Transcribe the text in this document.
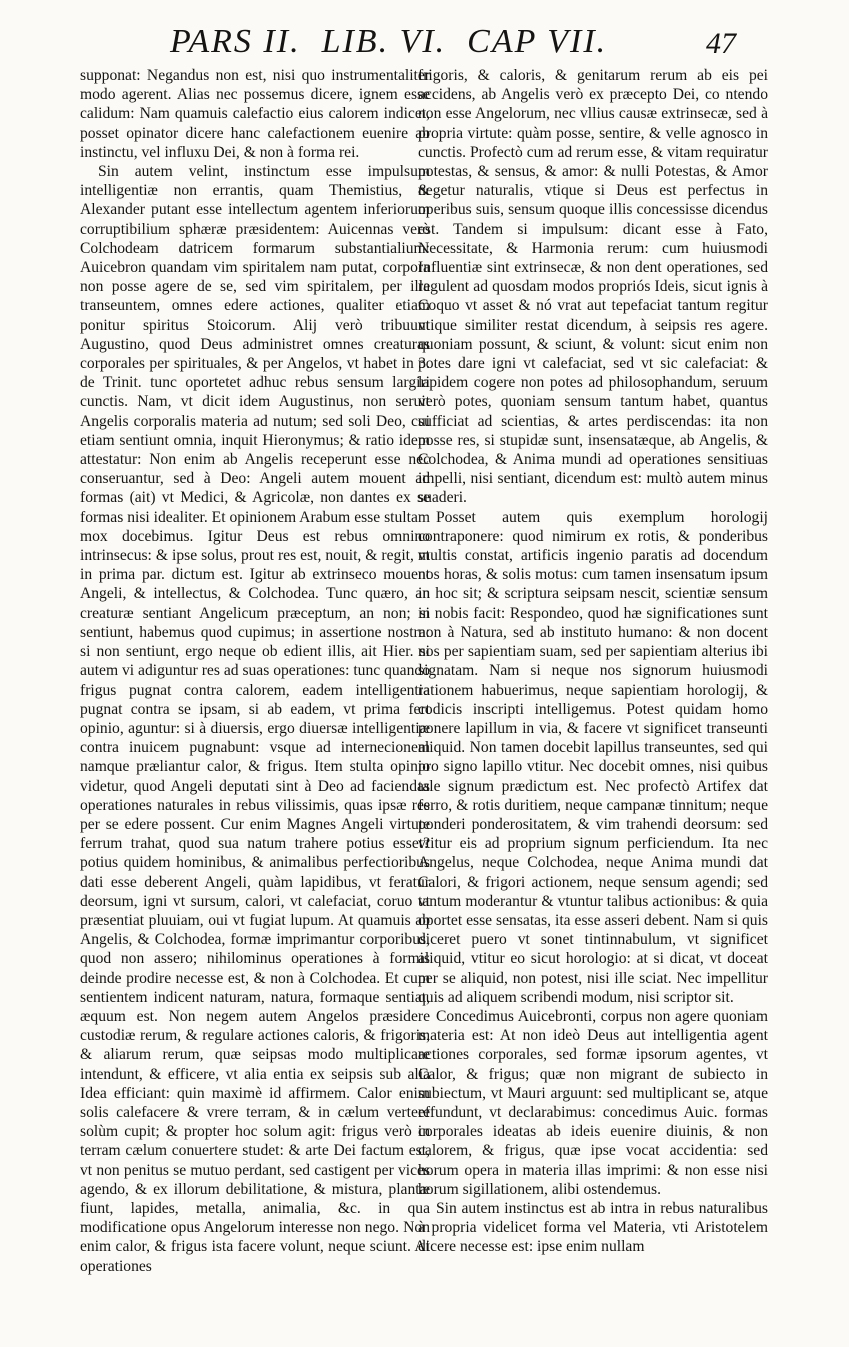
PARS II.  LIB. VI.  CAP VII.	47

supponat: Negandus non est, nisi quo instrumentaliter modo agerent. Alias nec possemus dicere, ignem esse calidum: Nam quamuis calefactio eius calorem indicet, posset opinator dicere hanc calefactionem euenire ab instinctu, vel influxu Dei, & non à forma rei.

Sin autem velint, instinctum esse impulsum intelligentiæ non errantis, quam Themistius, & Alexander putant esse intellectum agentem inferiorum corruptibilium sphæræ præsidentem: Auicennas verò Colchodeam datricem formarum substantialium: Auicebron quandam vim spiritalem nam putat, corpora non posse agere de se, sed vim spiritalem, per illa transeuntem, omnes edere actiones, qualiter etiam ponitur spiritus Stoicorum. Alij verò tribuunt Augustino, quod Deus administret omnes creaturas corporales per spirituales, & per Angelos, vt habet in 3. de Trinit. tunc oportetet adhuc rebus sensum largiri cunctis. Nam, vt dicit idem Augustinus, non seruit Angelis corporalis materia ad nutum; sed soli Deo, cui etiam sentiunt omnia, inquit Hieronymus; & ratio idem attestatur: Non enim ab Angelis receperunt esse nec conseruantur, sed à Deo: Angeli autem mouent ad formas (ait) vt Medici, & Agricolæ, non dantes ex se formas nisi idealiter. Et opinionem Arabum esse stultam mox docebimus. Igitur Deus est rebus omnino intrinsecus: & ipse solus, prout res est, nouit, & regit, vt in prima par. dictum est. Igitur ab extrinseco mouent Angeli, & intellectus, & Colchodea. Tunc quæro, an creaturæ sentiant Angelicum præceptum, an non; si sentiunt, habemus quod cupimus; in assertione nostra: si non sentiunt, ergo neque ob edient illis, ait Hier. si autem vi adiguntur res ad suas operationes: tunc quando frigus pugnat contra calorem, eadem intelligentia pugnat contra se ipsam, si ab eadem, vt prima fert opinio, aguntur: si à diuersis, ergo diuersæ intelligentiæ contra inuicem pugnabunt: vsque ad internecionem namque præliantur calor, & frigus. Item stulta opinio videtur, quod Angeli deputati sint à Deo ad faciendas operationes naturales in rebus vilissimis, quas ipsæ res per se edere possent. Cur enim Magnes Angeli virtute ferrum trahat, quod sua natum trahere potius esset? potius quidem hominibus, & animalibus perfectioribus dati esse deberent Angeli, quàm lapidibus, vt feratur deorsum, igni vt sursum, calori, vt calefaciat, coruo vt præsentiat pluuiam, oui vt fugiat lupum. At quamuis ab Angelis, & Colchodea, formæ imprimantur corporibus, quod non assero; nihilominus operationes à formis deinde prodire necesse est, & non à Colchodea. Et cum sentientem indicent naturam, natura, formaque sentiat, æquum est. Non negem autem Angelos præsidere custodiæ rerum, & regulare actiones caloris, & frigoris, & aliarum rerum, quæ seipsas modo multiplicare intendunt, & efficere, vt alia entia ex seipsis sub alia Idea efficiant: quin maximè id affirmem. Calor enim solis calefacere & vrere terram, & in cælum vertere solùm cupit; & propter hoc solum agit: frigus verò in terram cælum conuertere studet: & arte Dei factum est, vt non penitus se mutuo perdant, sed castigent per vices agendo, & ex illorum debilitatione, & mistura, plantæ fiunt, lapides, metalla, animalia, &c. in qua modificatione opus Angelorum interesse non nego. Non enim calor, & frigus ista facere volunt, neque sciunt. At operationes

frigoris, & caloris, & genitarum rerum ab eis pei accidens, ab Angelis verò ex præcepto Dei, co ntendo non esse Angelorum, nec vllius causæ extrinsecæ, sed à propria virtute: quàm posse, sentire, & velle agnosco in cunctis. Profectò cum ad rerum esse, & vitam requiratur potestas, & sensus, & amor: & nulli Potestas, & Amor negetur naturalis, vtique si Deus est perfectus in operibus suis, sensum quoque illis concessisse dicendus est. Tandem si impulsum: dicant esse à Fato, Necessitate, & Harmonia rerum: cum huiusmodi Influentiæ sint extrinsecæ, & non dent operationes, sed regulent ad quosdam modos propriós Ideis, sicut ignis à Coquo vt asset & nó vrat aut tepefaciat tantum regitur vtique similiter restat dicendum, à seipsis res agere. quoniam possunt, & sciunt, & volunt: sicut enim non potes dare igni vt calefaciat, sed vt sic calefaciat: & lapidem cogere non potes ad philosophandum, seruum verò potes, quoniam sensum tantum habet, quantus sufficiat ad scientias, & artes perdiscendas: ita non posse res, si stupidæ sunt, insensatæque, ab Angelis, & Colchodea, & Anima mundi ad operationes sensitiuas impelli, nisi sentiant, dicendum est: multò autem minus suaderi.

Posset autem quis exemplum horologij contraponere: quod nimirum ex rotis, & ponderibus multis constat, artificis ingenio paratis ad docendum nos horas, & solis motus: cum tamen insensatum ipsum in hoc sit; & scriptura seipsam nescit, scientiæ sensum in nobis facit: Respondeo, quod hæ significationes sunt non à Natura, sed ab instituto humano: & non docent nos per sapientiam suam, sed per sapientiam alterius ibi signatam. Nam si neque nos signorum huiusmodi rationem habuerimus, neque sapientiam horologij, & codicis inscripti intelligemus. Potest quidam homo ponere lapillum in via, & facere vt significet transeunti aliquid. Non tamen docebit lapillus transeuntes, sed qui pro signo lapillo vtitur. Nec docebit omnes, nisi quibus tale signum prædictum est. Nec profectò Artifex dat ferro, & rotis duritiem, neque campanæ tinnitum; neque ponderi ponderositatem, & vim trahendi deorsum: sed vtitur eis ad proprium signum perficiendum. Ita nec Angelus, neque Colchodea, neque Anima mundi dat Calori, & frigori actionem, neque sensum agendi; sed tantum moderantur & vtuntur talibus actionibus: & quia oportet esse sensatas, ita esse asseri debent. Nam si quis diceret puero vt sonet tintinnabulum, vt significet aliquid, vtitur eo sicut horologio: at si dicat, vt doceat per se aliquid, non potest, nisi ille sciat. Nec impellitur quis ad aliquem scribendi modum, nisi scriptor sit.

Concedimus Auicebronti, corpus non agere quoniam materia est: At non ideò Deus aut intelligentia agent actiones corporales, sed formæ ipsorum agentes, vt Calor, & frigus; quæ non migrant de subiecto in subiectum, vt Mauri arguunt: sed multiplicant se, atque effundunt, vt declarabimus: concedimus Auic. formas corporales ideatas ab ideis euenire diuinis, & non calorem, & frigus, quæ ipse vocat accidentia: sed horum opera in materia illas imprimi: & non esse nisi horum sigillationem, alibi ostendemus.

Sin autem instinctus est ab intra in rebus naturalibus à propria videlicet forma vel Materia, vti Aristotelem dicere necesse est: ipse enim nullam
